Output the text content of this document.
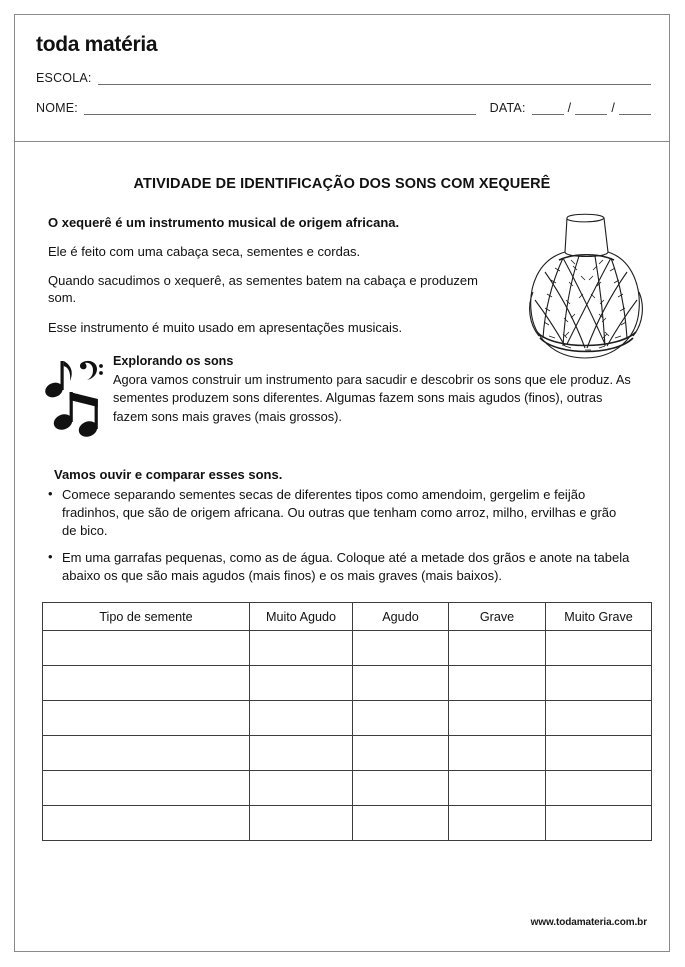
toda matéria
ESCOLA:
NOME:	DATA:	/	/
ATIVIDADE DE IDENTIFICAÇÃO DOS SONS COM XEQUERÊ

O xequerê é um instrumento musical de origem africana.

Ele é feito com uma cabaça seca, sementes e cordas.

Quando sacudimos o xequerê, as sementes batem na cabaça e produzem som.

Esse instrumento é muito usado em apresentações musicais.

Explorando os sons

Agora vamos construir um instrumento para sacudir e descobrir os sons que ele produz. As sementes produzem sons diferentes. Algumas fazem sons mais agudos (finos), outras fazem sons mais graves (mais grossos).

Vamos ouvir e comparar esses sons.

• Comece separando sementes secas de diferentes tipos como amendoim, gergelim e feijão fradinhos, que são de origem africana. Ou outras que tenham como arroz, milho, ervilhas e grão de bico.
• Em uma garrafas pequenas, como as de água. Coloque até a metade dos grãos e anote na tabela abaixo os que são mais agudos (mais finos) e os mais graves (mais baixos).
Tipo de semente	Muito Agudo	Agudo	Grave	Muito Grave

www.todamateria.com.br
